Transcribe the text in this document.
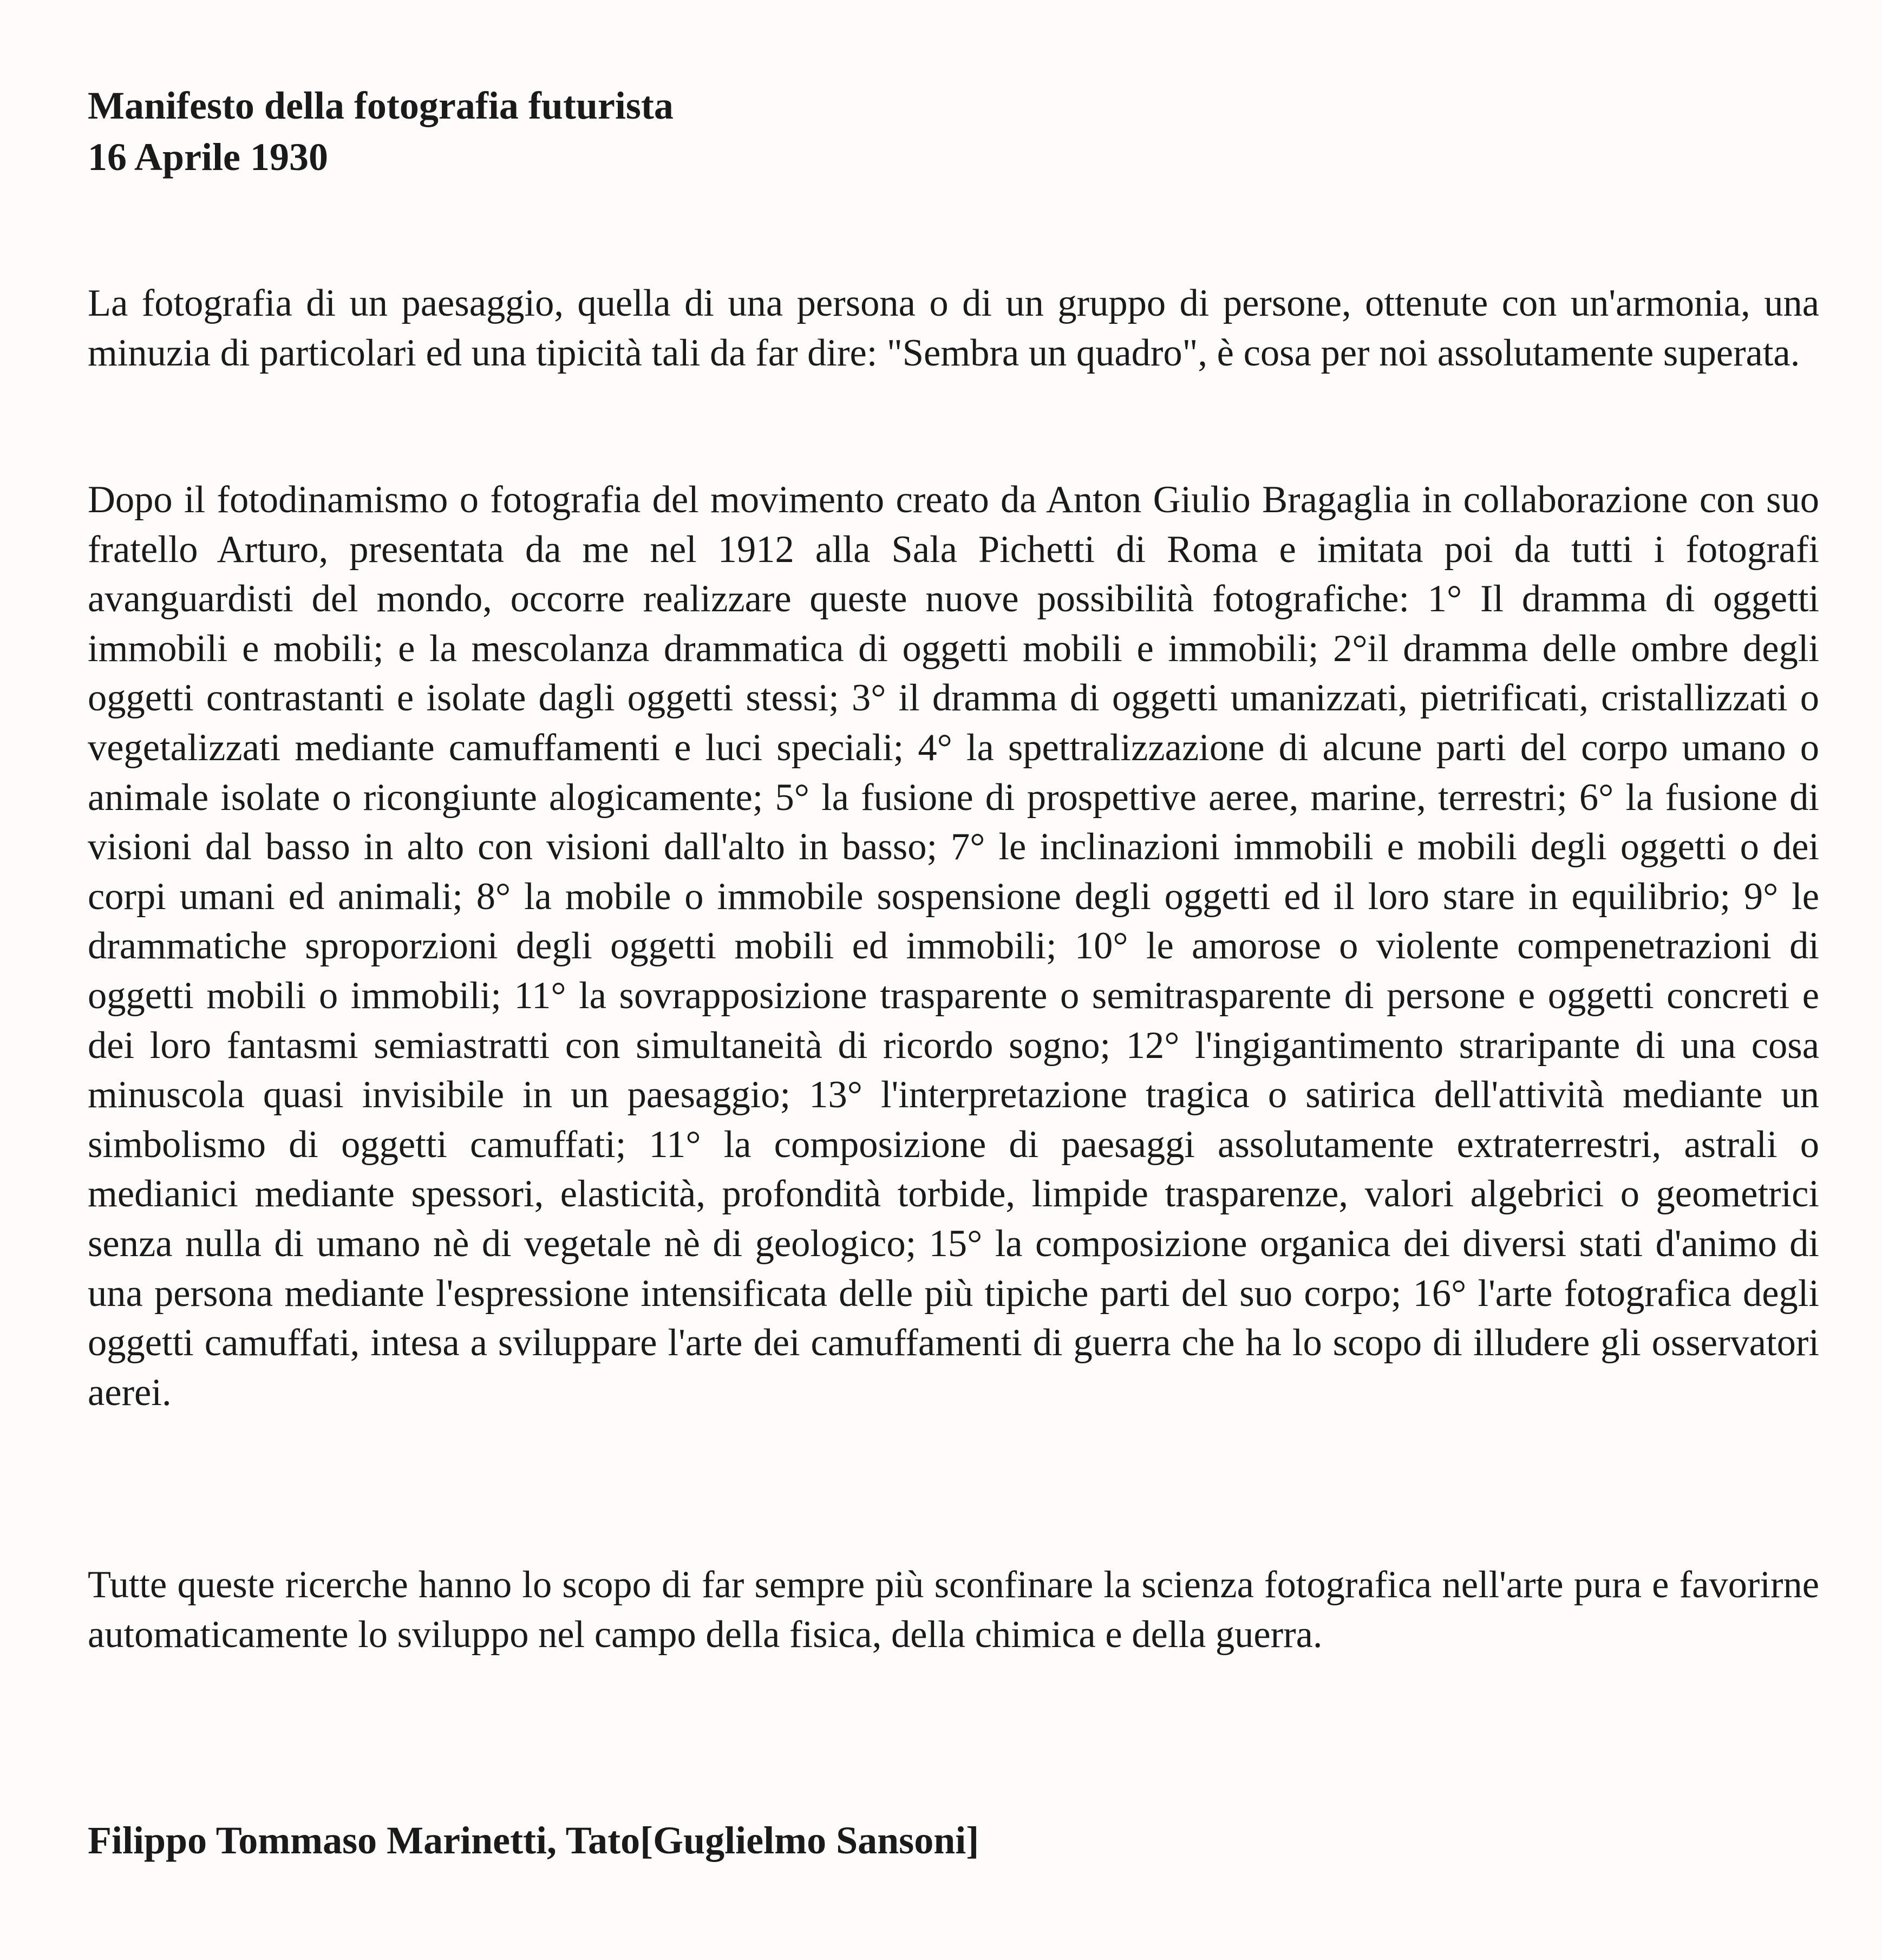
Manifesto della fotografia futurista
16 Aprile 1930

La fotografia di un paesaggio, quella di una persona o di un gruppo di persone, ottenute con un'armonia, una minuzia di particolari ed una tipicità tali da far dire: "Sembra un quadro", è cosa per noi assolutamente superata.

Dopo il fotodinamismo o fotografia del movimento creato da Anton Giulio Bragaglia in collaborazione con suo fratello Arturo, presentata da me nel 1912 alla Sala Pichetti di Roma e imitata poi da tutti i fotografi avanguardisti del mondo, occorre realizzare queste nuove possibilità fotografiche: 1° Il dramma di oggetti immobili e mobili; e la mescolanza drammatica di oggetti mobili e immobili; 2°il dramma delle ombre degli oggetti contrastanti e isolate dagli oggetti stessi; 3° il dramma di oggetti umanizzati, pietrificati, cristallizzati o vegetalizzati mediante camuffamenti e luci speciali; 4° la spettralizzazione di alcune parti del corpo umano o animale isolate o ricongiunte alogicamente; 5° la fusione di prospettive aeree, marine, terrestri; 6° la fusione di visioni dal basso in alto con visioni dall'alto in basso; 7° le inclinazioni immobili e mobili degli oggetti o dei corpi umani ed animali; 8° la mobile o immobile sospensione degli oggetti ed il loro stare in equilibrio; 9° le drammatiche sproporzioni degli oggetti mobili ed immobili; 10° le amorose o violente compenetrazioni di oggetti mobili o immobili; 11° la sovrapposizione trasparente o semitrasparente di persone e oggetti concreti e dei loro fantasmi semiastratti con simultaneità di ricordo sogno; 12° l'ingigantimento straripante di una cosa minuscola quasi invisibile in un paesaggio; 13° l'interpretazione tragica o satirica dell'attività mediante un simbolismo di oggetti camuffati; 11° la composizione di paesaggi assolutamente extraterrestri, astrali o medianici mediante spessori, elasticità, profondità torbide, limpide trasparenze, valori algebrici o geometrici senza nulla di umano nè di vegetale nè di geologico; 15° la composizione organica dei diversi stati d'animo di una persona mediante l'espressione intensificata delle più tipiche parti del suo corpo; 16° l'arte fotografica degli oggetti camuffati, intesa a sviluppare l'arte dei camuffamenti di guerra che ha lo scopo di illudere gli osservatori aerei.

Tutte queste ricerche hanno lo scopo di far sempre più sconfinare la scienza fotografica nell'arte pura e favorirne automaticamente lo sviluppo nel campo della fisica, della chimica e della guerra.

Filippo Tommaso Marinetti, Tato[Guglielmo Sansoni]
